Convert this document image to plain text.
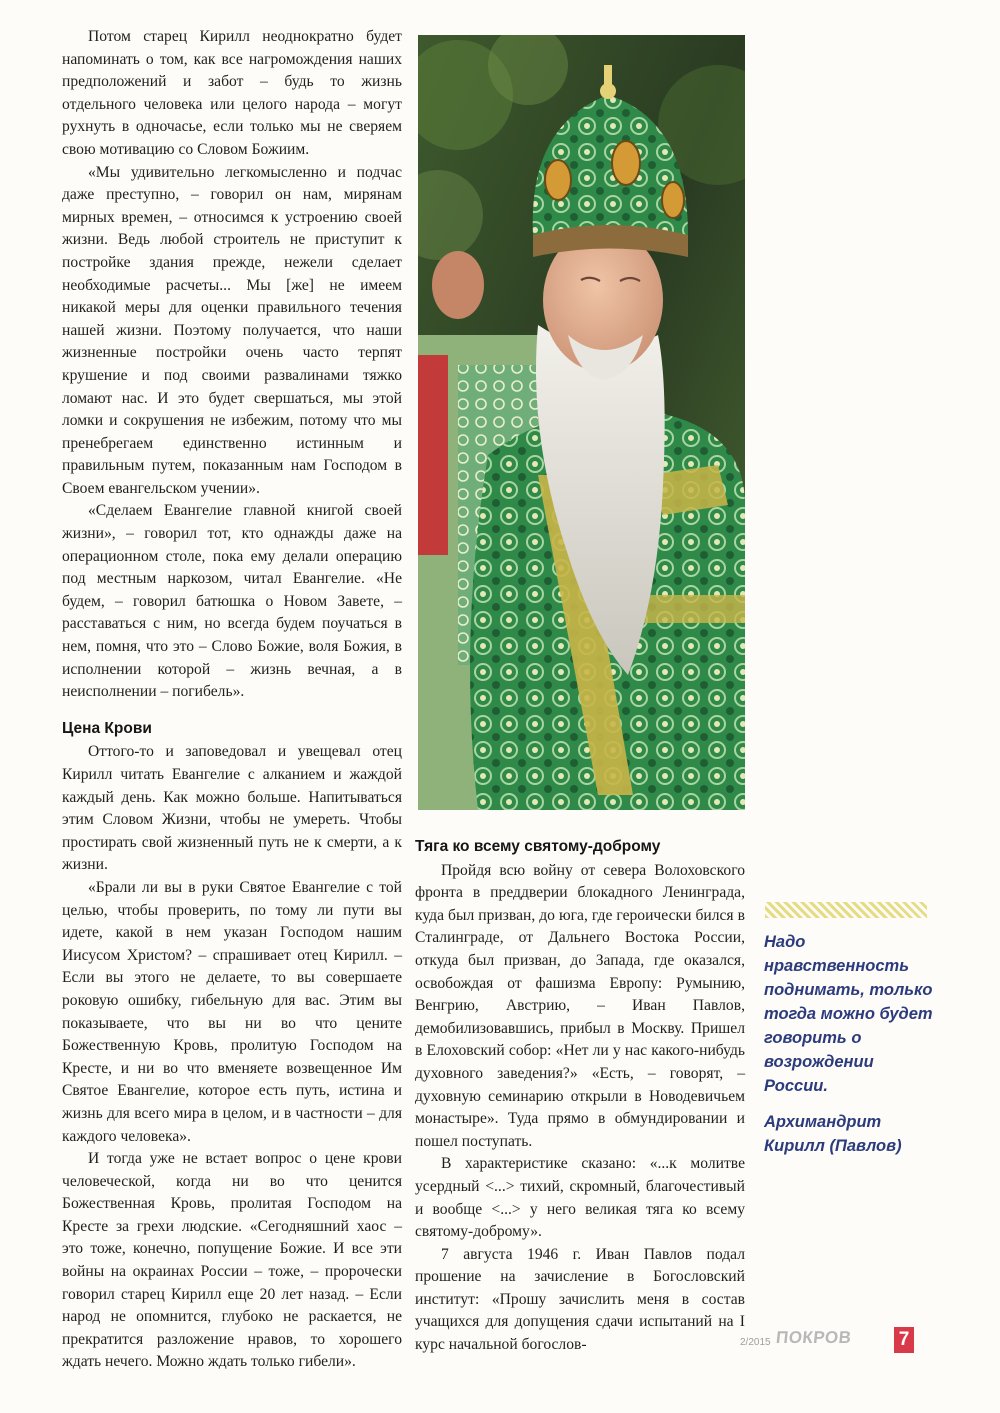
Потом старец Кирилл неоднократно будет напоминать о том, как все нагромождения наших предположений и забот – будь то жизнь отдельного человека или целого народа – могут рухнуть в одночасье, если только мы не сверяем свою мотивацию со Словом Божиим.

«Мы удивительно легкомысленно и подчас даже преступно, – говорил он нам, мирянам мирных времен, – относимся к устроению своей жизни. Ведь любой строитель не приступит к постройке здания прежде, нежели сделает необходимые расчеты... Мы [же] не имеем никакой меры для оценки правильного течения нашей жизни. Поэтому получается, что наши жизненные постройки очень часто терпят крушение и под своими развалинами тяжко ломают нас. И это будет свершаться, мы этой ломки и сокрушения не избежим, потому что мы пренебрегаем единственно истинным и правильным путем, показанным нам Господом в Своем евангельском учении».

«Сделаем Евангелие главной книгой своей жизни», – говорил тот, кто однажды даже на операционном столе, пока ему делали операцию под местным наркозом, читал Евангелие. «Не будем, – говорил батюшка о Новом Завете, – расставаться с ним, но всегда будем поучаться в нем, помня, что это – Слово Божие, воля Божия, в исполнении которой – жизнь вечная, а в неисполнении – погибель».

Цена Крови

Оттого-то и заповедовал и увещевал отец Кирилл читать Евангелие с алканием и жаждой каждый день. Как можно больше. Напитываться этим Словом Жизни, чтобы не умереть. Чтобы простирать свой жизненный путь не к смерти, а к жизни.

«Брали ли вы в руки Святое Евангелие с той целью, чтобы проверить, по тому ли пути вы идете, какой в нем указан Господом нашим Иисусом Христом? – спрашивает отец Кирилл. – Если вы этого не делаете, то вы совершаете роковую ошибку, гибельную для вас. Этим вы показываете, что вы ни во что цените Божественную Кровь, пролитую Господом на Кресте, и ни во что вменяете возвещенное Им Святое Евангелие, которое есть путь, истина и жизнь для всего мира в целом, и в частности – для каждого человека».

И тогда уже не встает вопрос о цене крови человеческой, когда ни во что ценится Божественная Кровь, пролитая Господом на Кресте за грехи людские. «Сегодняшний хаос – это тоже, конечно, попущение Божие. И все эти войны на окраинах России – тоже, – пророчески говорил старец Кирилл еще 20 лет назад. – Если народ не опомнится, глубоко не раскается, не прекратится разложение нравов, то хорошего ждать нечего. Можно ждать только гибели».

Тяга ко всему святому-доброму

Пройдя всю войну от севера Волоховского фронта в преддверии блокадного Ленинграда, куда был призван, до юга, где героически бился в Сталинграде, от Дальнего Востока России, откуда был призван, до Запада, где оказался, освобождая от фашизма Европу: Румынию, Венгрию, Австрию, – Иван Павлов, демобилизовавшись, прибыл в Москву. Пришел в Елоховский собор: «Нет ли у нас какого-нибудь духовного заведения?» «Есть, – говорят, – духовную семинарию открыли в Новодевичьем монастыре». Туда прямо в обмундировании и пошел поступать.

В характеристике сказано: «...к молитве усердный <...> тихий, скромный, благочестивый и вообще <...> у него великая тяга ко всему святому-доброму».

7 августа 1946 г. Иван Павлов подал прошение на зачисление в Богословский институт: «Прошу зачислить меня в состав учащихся для допущения сдачи испытаний на I курс начальной богослов-

Надо нравственность поднимать, только тогда можно будет говорить о возрождении России.

Архимандрит Кирилл (Павлов)

2/2015 ПОКРОВ 7
